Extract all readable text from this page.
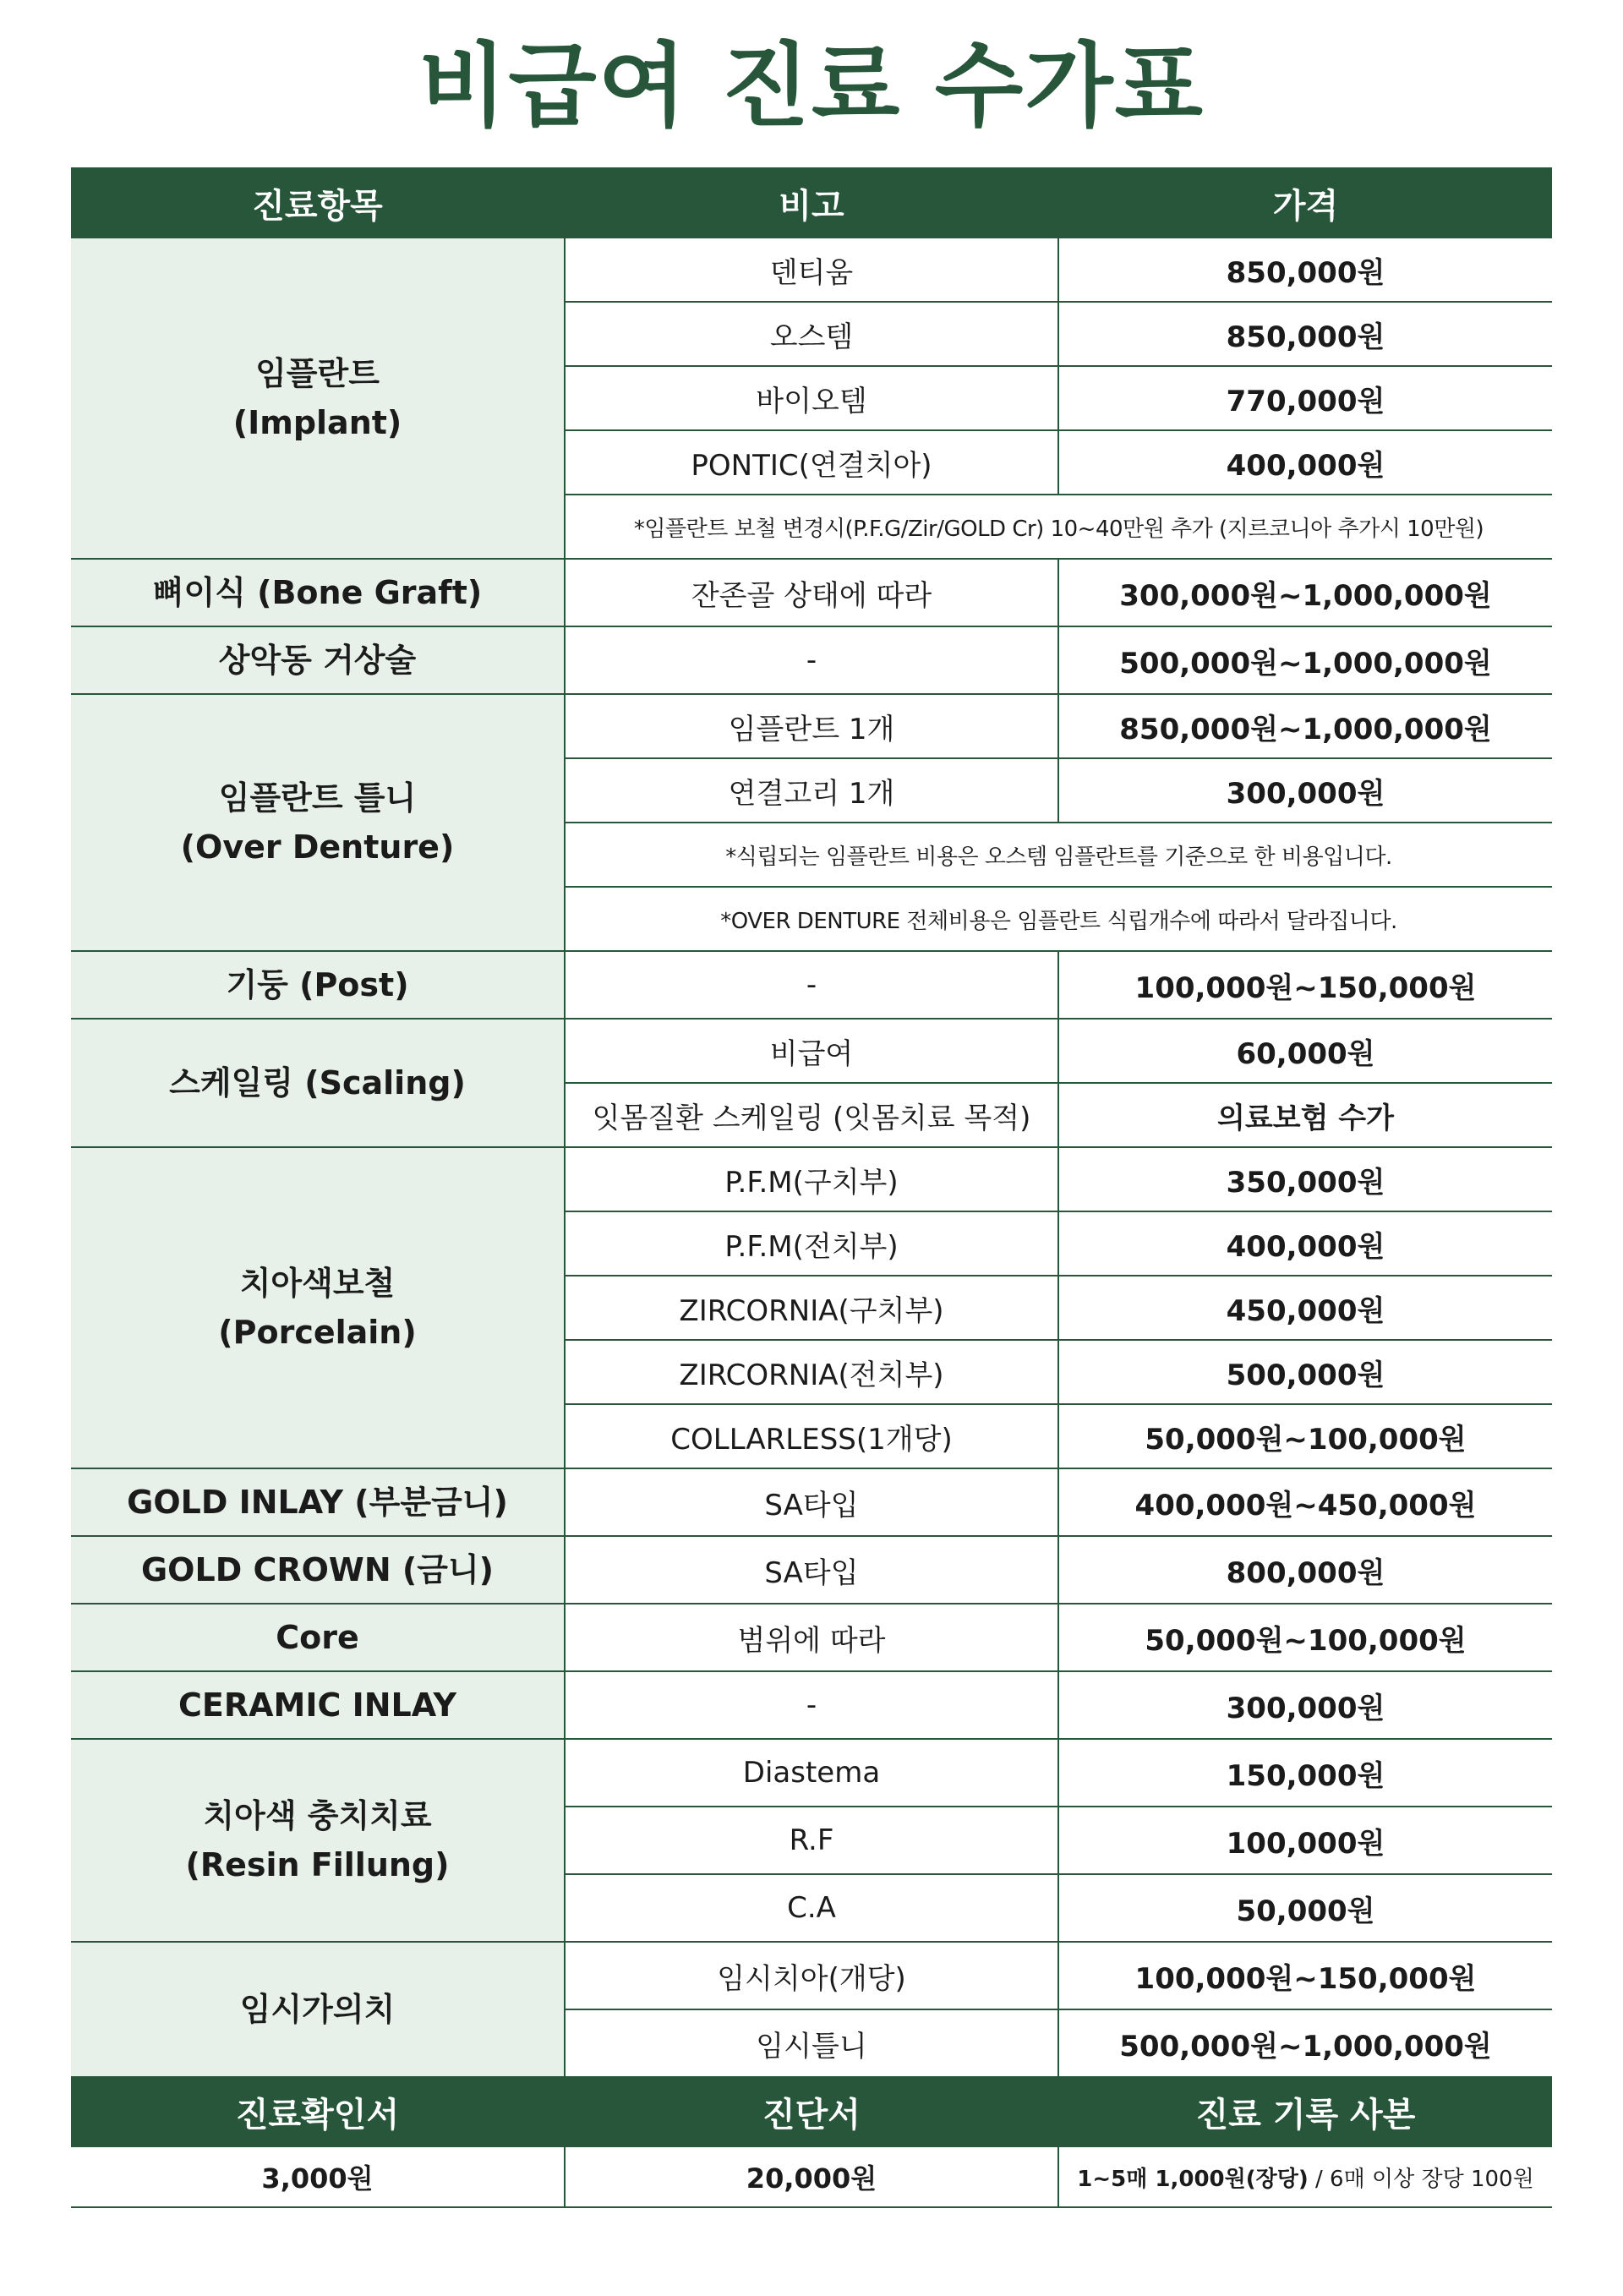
비급여 진료 수가표
진료항목	비고	가격

임플란트
(Implant)	덴티움	850,000원
	오스템	850,000원
	바이오템	770,000원
	PONTIC(연결치아)	400,000원
	*임플란트 보철 변경시(P.F.G/Zir/GOLD Cr) 10~40만원 추가 (지르코니아 추가시 10만원)	
뼈이식 (Bone Graft)	잔존골 상태에 따라	300,000원~1,000,000원
상악동 거상술	-	500,000원~1,000,000원

임플란트 틀니
(Over Denture)	임플란트 1개	850,000원~1,000,000원
	연결고리 1개	300,000원
	*식립되는 임플란트 비용은 오스템 임플란트를 기준으로 한 비용입니다.	
	*OVER DENTURE 전체비용은 임플란트 식립개수에 따라서 달라집니다.	
기둥 (Post)	-	100,000원~150,000원
스케일링 (Scaling)	비급여	60,000원
	잇몸질환 스케일링 (잇몸치료 목적)	의료보험 수가

치아색보철
(Porcelain)	P.F.M(구치부)	350,000원
	P.F.M(전치부)	400,000원
	ZIRCORNIA(구치부)	450,000원
	ZIRCORNIA(전치부)	500,000원
	COLLARLESS(1개당)	50,000원~100,000원
GOLD INLAY (부분금니)	SA타입	400,000원~450,000원
GOLD CROWN (금니)	SA타입	800,000원
Core	범위에 따라	50,000원~100,000원
CERAMIC INLAY	-	300,000원

치아색 충치치료
(Resin Fillung)	Diastema	150,000원
	R.F	100,000원
	C.A	50,000원
임시가의치	임시치아(개당)	100,000원~150,000원
	임시틀니	500,000원~1,000,000원
진료확인서	진단서	진료 기록 사본
3,000원	20,000원	1~5매 1,000원(장당) / 6매 이상 장당 100원
